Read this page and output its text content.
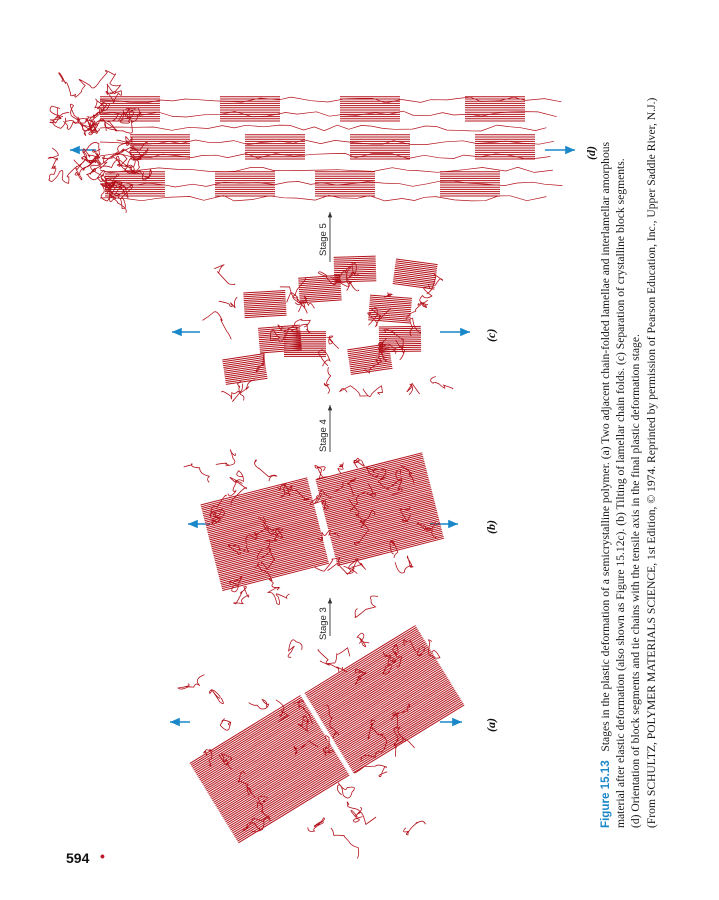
Stage 3
Stage 4
Stage 5
(a)
(b)
(c)
(d)

Figure 15.13   Stages in the plastic deformation of a semicrystalline polymer. (a) Two adjacent chain-folded lamellae and interlamellar amorphous material after elastic deformation (also shown as Figure 15.12c). (b) Tilting of lamellar chain folds. (c) Separation of crystalline block segments. (d) Orientation of block segments and tie chains with the tensile axis in the final plastic deformation stage. (From SCHULTZ, POLYMER MATERIALS SCIENCE, 1st Edition, © 1974. Reprinted by permission of Pearson Education, Inc., Upper Saddle River, N.J.)

594 •
